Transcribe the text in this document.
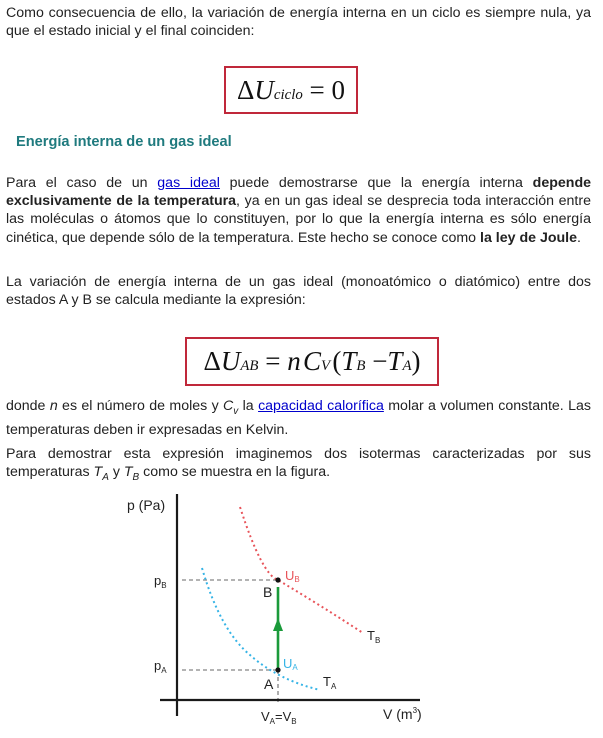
Como consecuencia de ello, la variación de energía interna en un ciclo es siempre nula, ya que el estado inicial y el final coinciden:

Δ U ciclo
=
0
Energía interna de un gas ideal

Para el caso de un gas ideal puede demostrarse que la energía interna depende exclusivamente de la temperatura, ya en un gas ideal se desprecia toda interacción entre las moléculas o átomos que lo constituyen, por lo que la energía interna es sólo energía cinética, que depende sólo de la temperatura. Este hecho se conoce como la ley de Joule.

La variación de energía interna de un gas ideal (monoatómico o diatómico) entre dos estados A y B se calcula mediante la expresión:

Δ U AB
=
n
  C V
  ( T B
− T A )

donde n es el número de moles y $C_v$ la capacidad calorífica molar a volumen constante. Las temperaturas deben ir expresadas en Kelvin.

Para demostrar esta expresión imaginemos dos isotermas caracterizadas por sus temperaturas $T_A$ y $T_B$ como se muestra en la figura.

p (Pa)
$p_B$
$p_A$
B
A
UB
UA
$T_B$
$T_A$
$V_A=V_B$	V $(m^3)$
